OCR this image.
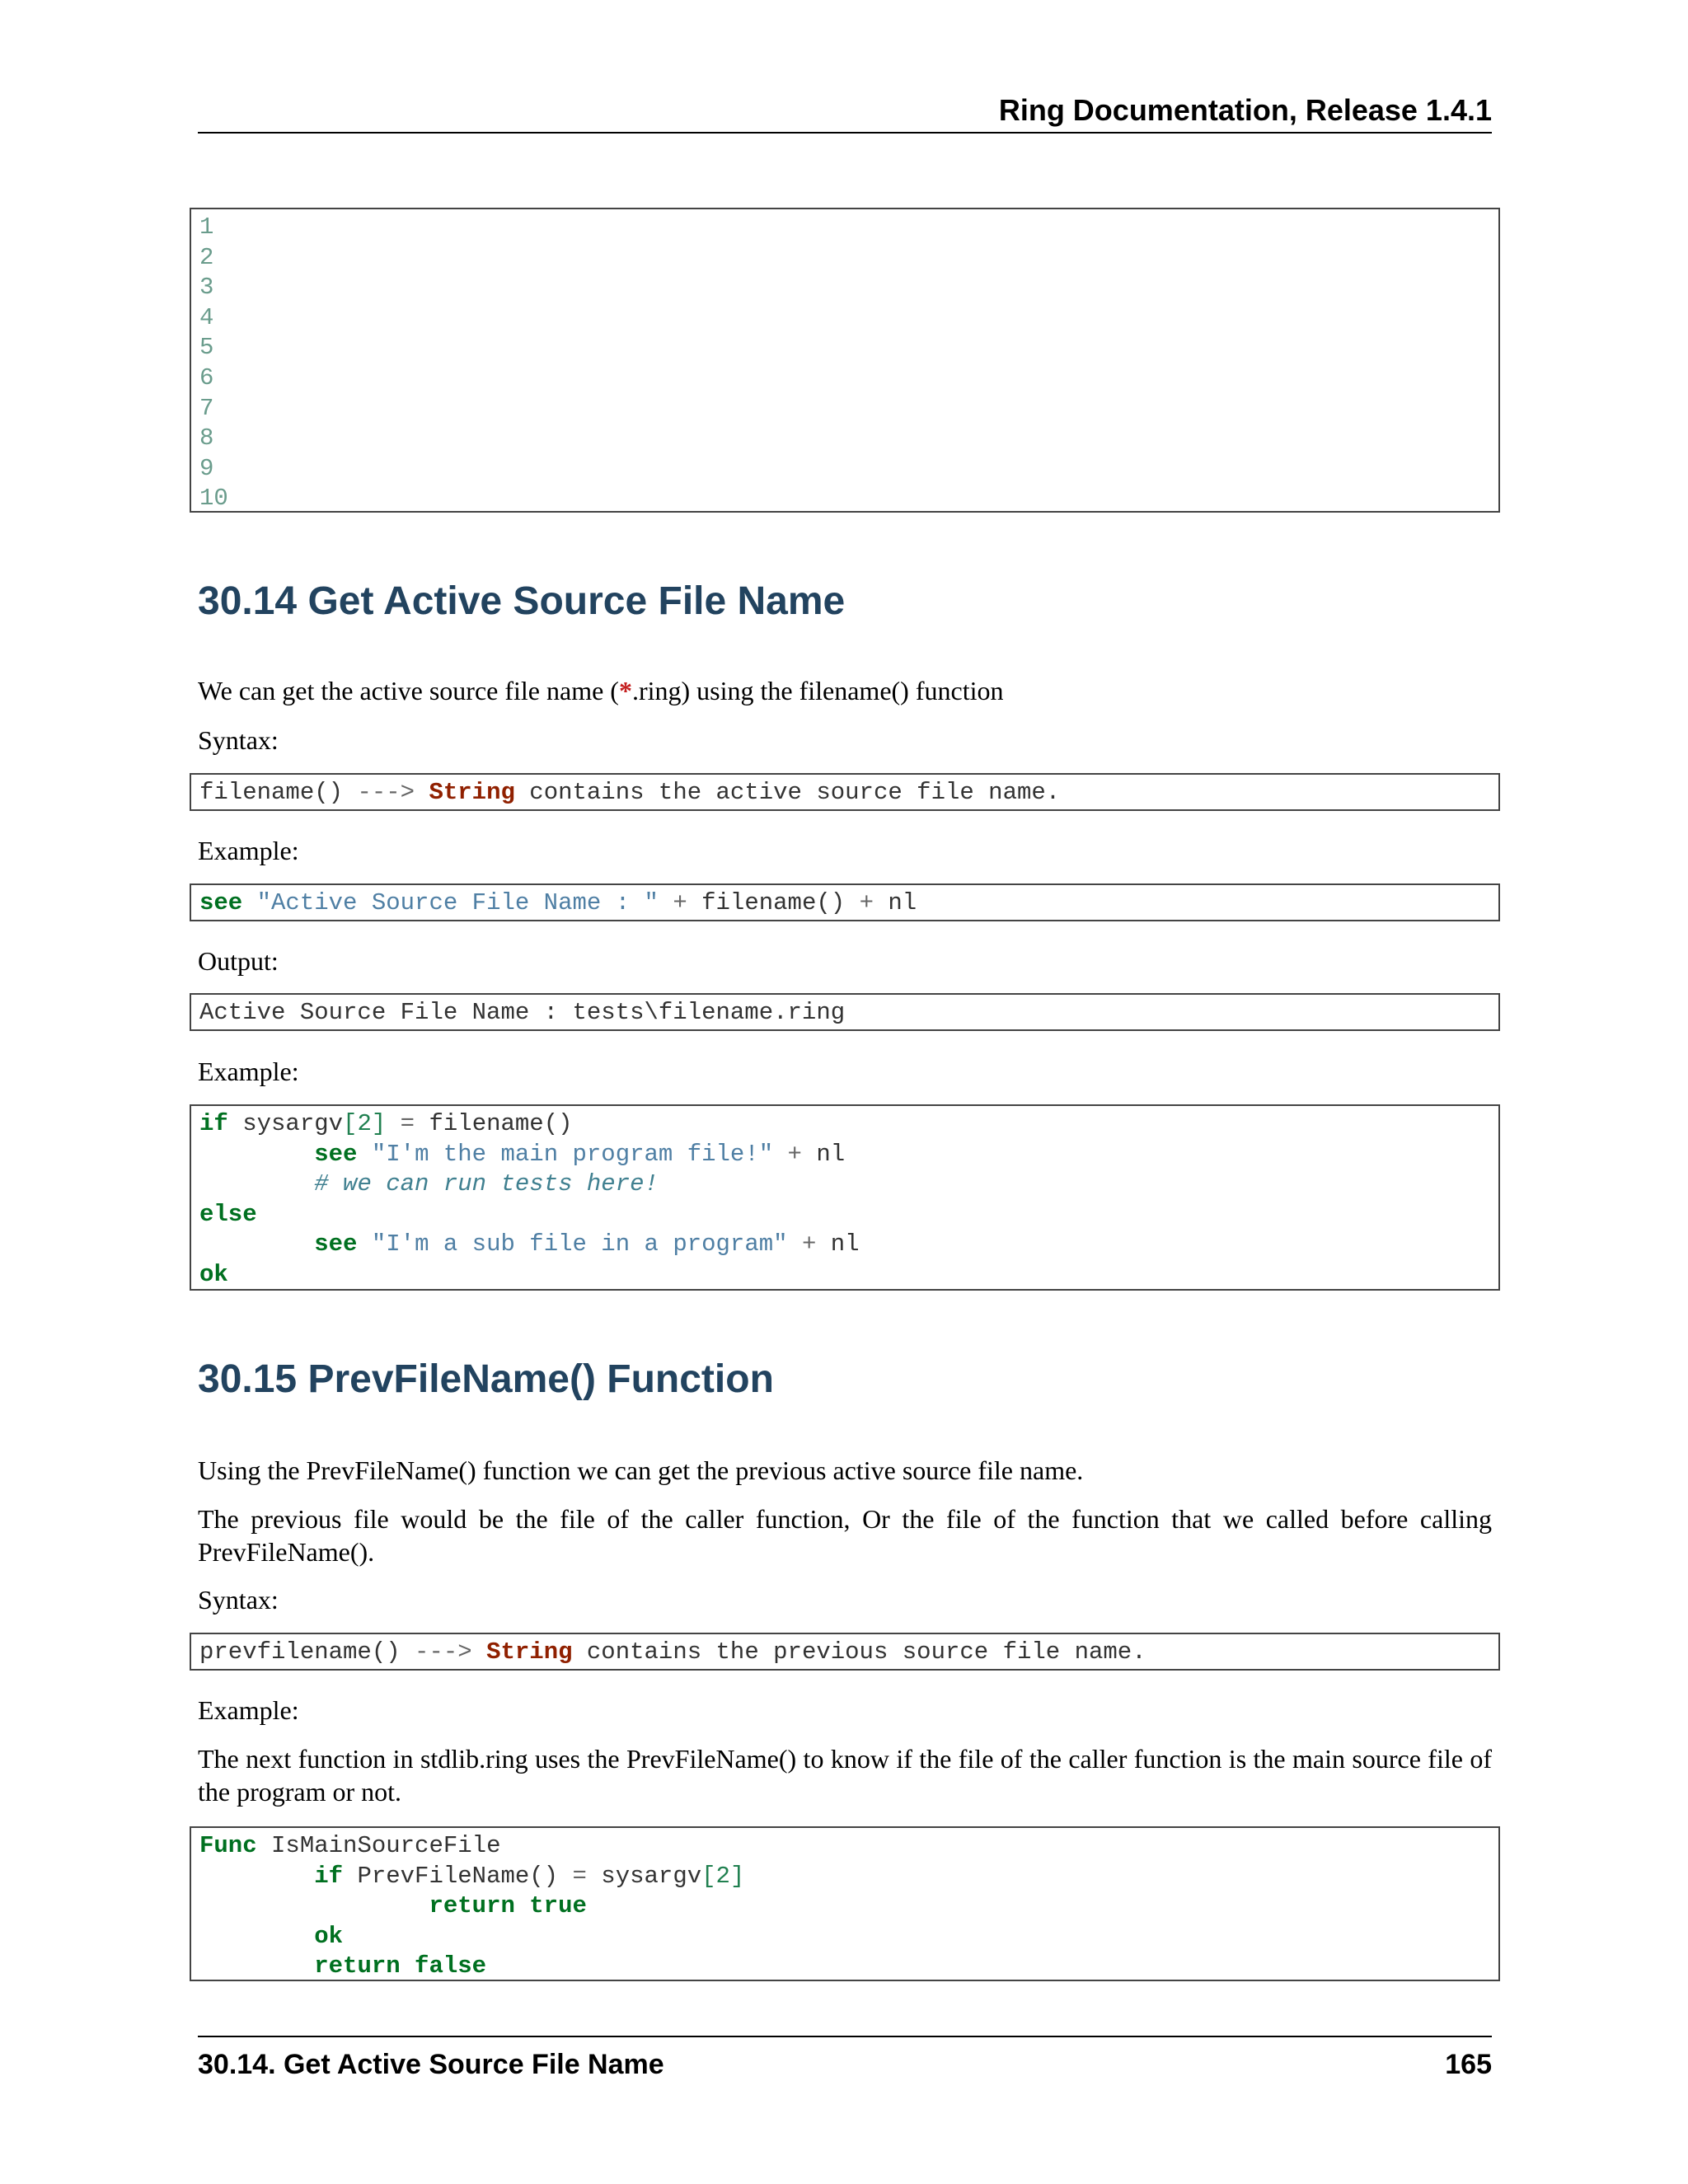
Ring Documentation, Release 1.4.1
1
2
3
4
5
6
7
8
9
10
30.14 Get Active Source File Name
We can get the active source file name (*.ring) using the filename() function
Syntax:
filename() ---> String contains the active source file name.
Example:
see "Active Source File Name : " + filename() + nl
Output:
Active Source File Name : tests\filename.ring
Example:
if sysargv[2] = filename()
see "I'm the main program file!" + nl
# we can run tests here!
else
see "I'm a sub file in a program" + nl
ok
30.15 PrevFileName() Function
Using the PrevFileName() function we can get the previous active source file name.
The previous file would be the file of the caller function, Or the file of the function that we called before calling PrevFileName().
Syntax:
prevfilename() ---> String contains the previous source file name.
Example:
The next function in stdlib.ring uses the PrevFileName() to know if the file of the caller function is the main source file of the program or not.
Func IsMainSourceFile
if PrevFileName() = sysargv[2]
return true
ok
return false
30.14. Get Active Source File Name	165
